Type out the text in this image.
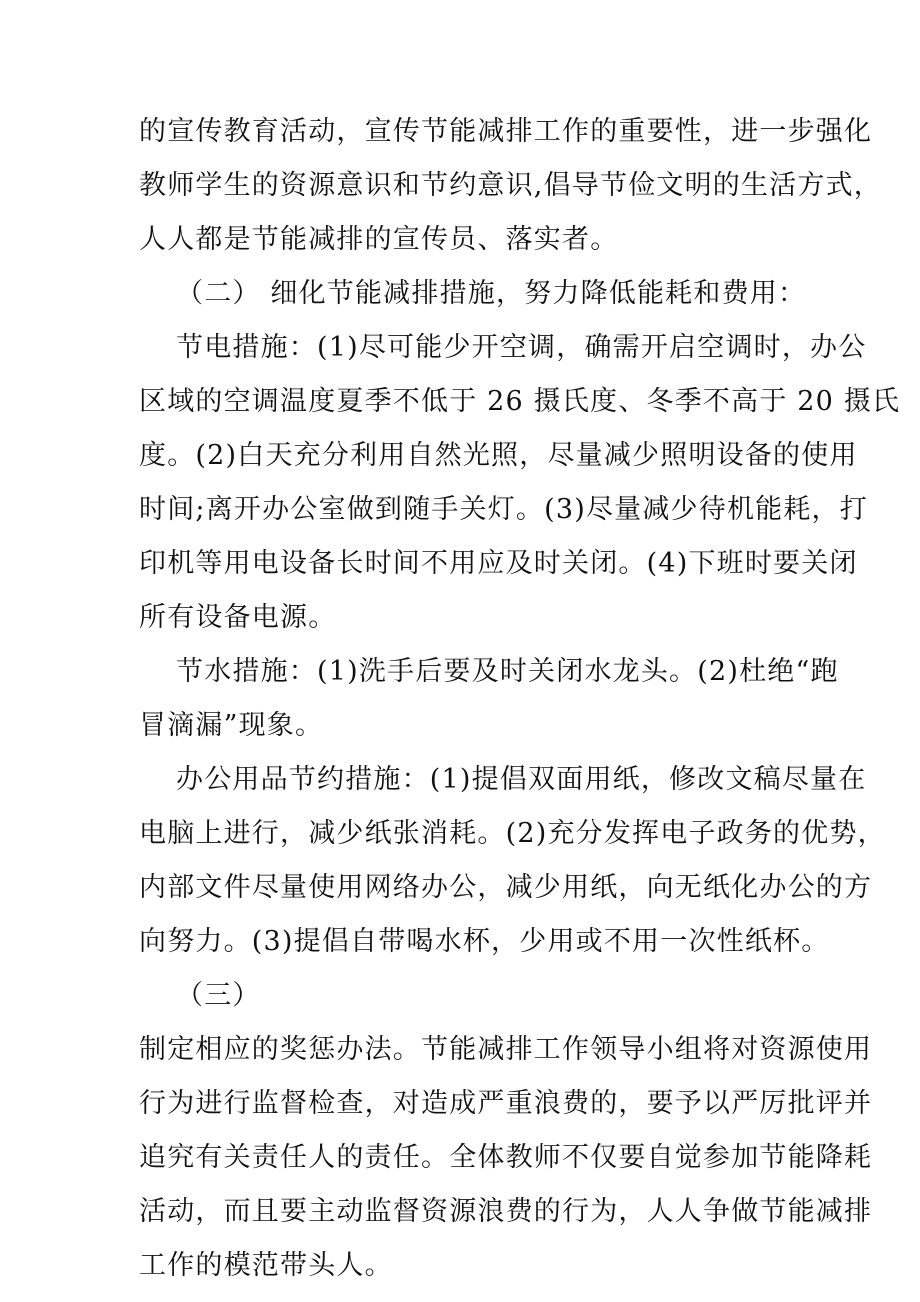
的宣传教育活动，宣传节能减排工作的重要性，进一步强化
教师学生的资源意识和节约意识,倡导节俭文明的生活方式，
人人都是节能减排的宣传员、落实者。
（二） 细化节能减排措施，努力降低能耗和费用：
节电措施：(1)尽可能少开空调，确需开启空调时，办公
区域的空调温度夏季不低于 26 摄氏度、冬季不高于 20 摄氏
度。(2)白天充分利用自然光照，尽量减少照明设备的使用
时间;离开办公室做到随手关灯。(3)尽量减少待机能耗，打
印机等用电设备长时间不用应及时关闭。(4)下班时要关闭
所有设备电源。
节水措施：(1)洗手后要及时关闭水龙头。(2)杜绝“跑
冒滴漏”现象。
办公用品节约措施：(1)提倡双面用纸，修改文稿尽量在
电脑上进行，减少纸张消耗。(2)充分发挥电子政务的优势，
内部文件尽量使用网络办公，减少用纸，向无纸化办公的方
向努力。(3)提倡自带喝水杯，少用或不用一次性纸杯。
（三）
制定相应的奖惩办法。节能减排工作领导小组将对资源使用
行为进行监督检查，对造成严重浪费的，要予以严厉批评并
追究有关责任人的责任。全体教师不仅要自觉参加节能降耗
活动，而且要主动监督资源浪费的行为，人人争做节能减排
工作的模范带头人。
